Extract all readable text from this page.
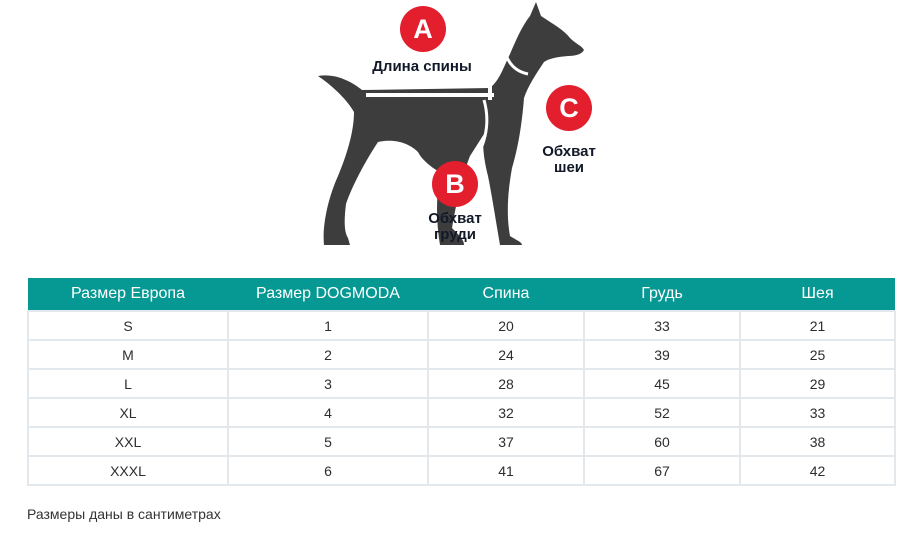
A
Длина спины
B
Обхват
груди
C
Обхват
шеи
Размер Европа	Размер DOGMODA	Спина	Грудь	Шея
S	1	20	33	21
M	2	24	39	25
L	3	28	45	29
XL	4	32	52	33
XXL	5	37	60	38
XXXL	6	41	67	42
Размеры даны в сантиметрах
